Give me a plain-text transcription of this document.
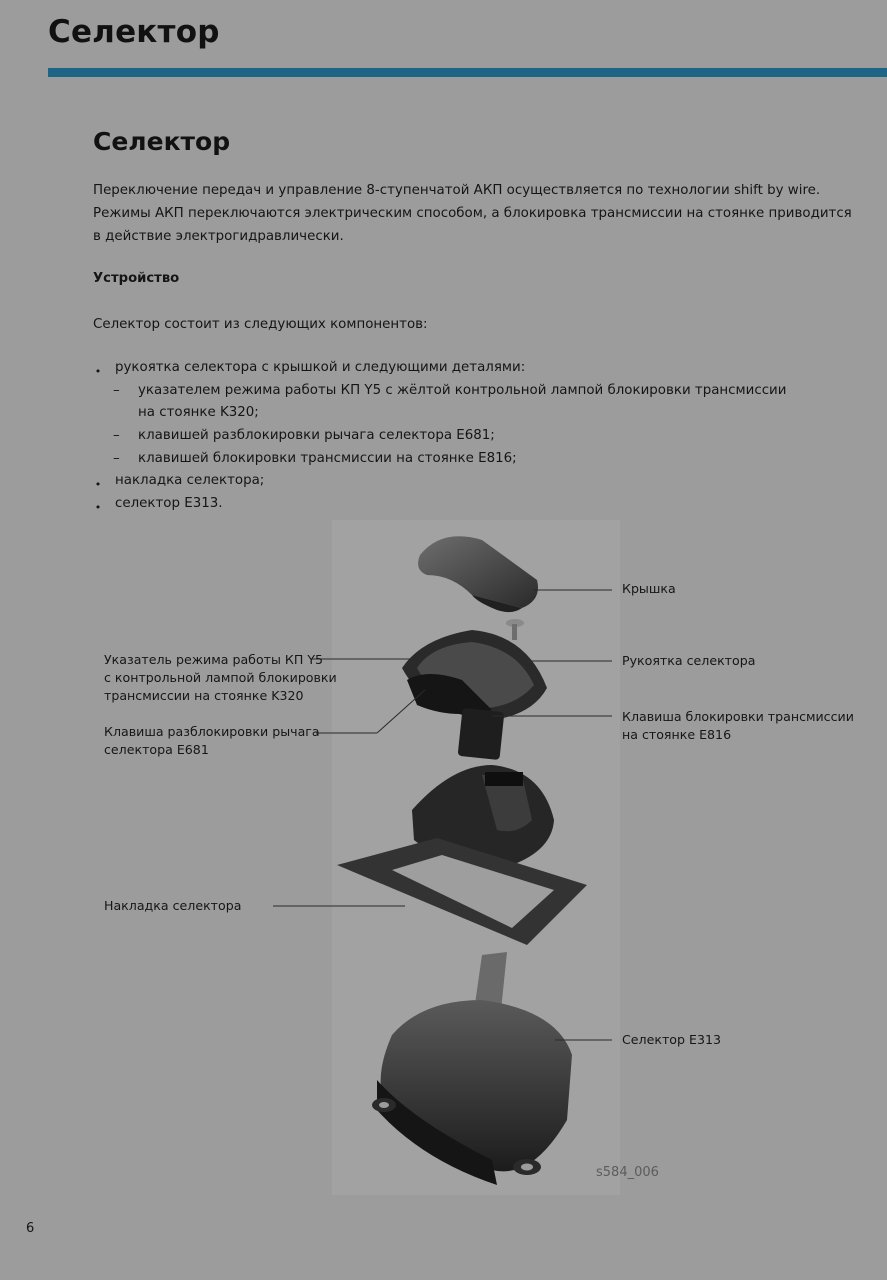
Селектор
Селектор
Переключение передач и управление 8-ступенчатой АКП осуществляется по технологии shift by wire.
Режимы АКП переключаются электрическим способом, а блокировка трансмиссии на стоянке приводится
в действие электрогидравлически.
Устройство
Селектор состоит из следующих компонентов:
• рукоятка селектора с крышкой и следующими деталями:
– указателем режима работы КП Y5 с жёлтой контрольной лампой блокировки трансмиссии
на стоянке K320;
– клавишей разблокировки рычага селектора E681;
– клавишей блокировки трансмиссии на стоянке E816;
• накладка селектора;
• селектор E313.
Крышка
Рукоятка селектора
Клавиша блокировки трансмиссии
на стоянке E816
Указатель режима работы КП Y5
с контрольной лампой блокировки
трансмиссии на стоянке K320
Клавиша разблокировки рычага
селектора E681
Накладка селектора
Селектор E313
s584_006
6
